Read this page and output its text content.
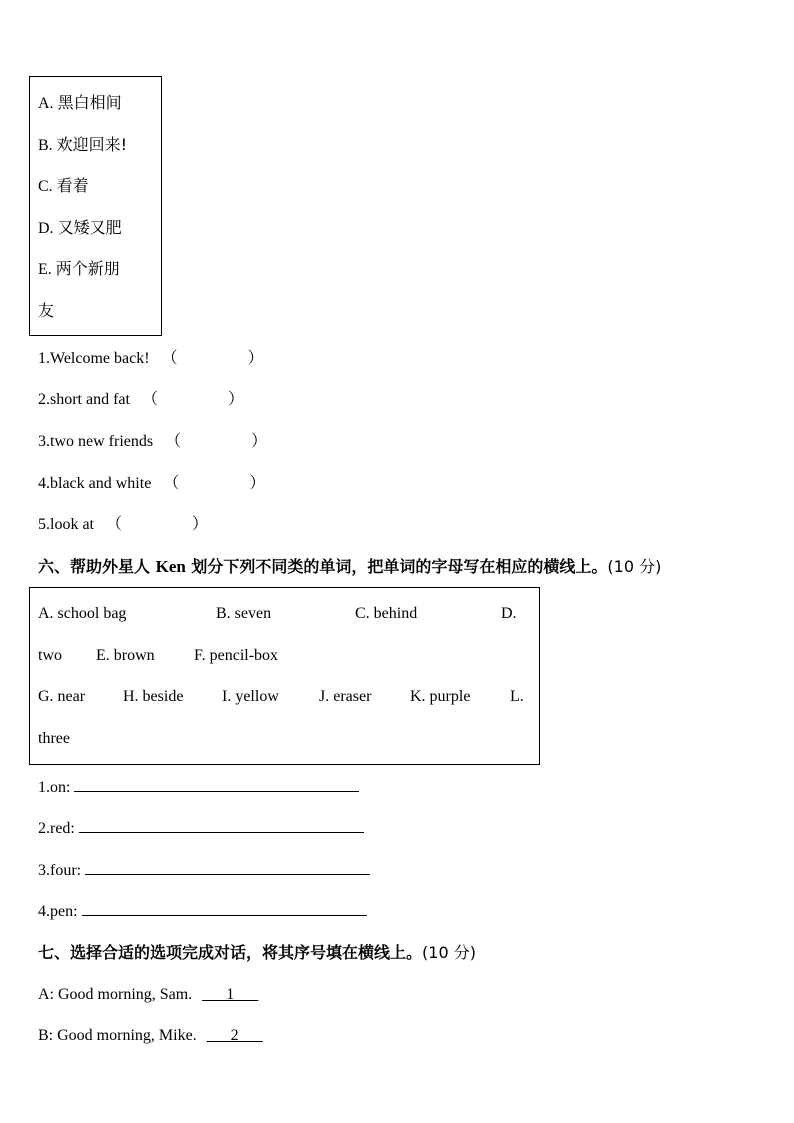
A. 黑白相间
B. 欢迎回来!
C. 看着
D. 又矮又肥
E. 两个新朋
友
1.Welcome back! （	）
2.short and fat （	）
3.two new friends （	）
4.black and white （	）
5.look at （	）
六、帮助外星人 Ken 划分下列不同类的单词，把单词的字母写在相应的横线上。(10 分)
A. school bag	B. seven	C. behind	D.
two E. brown F. pencil-box
G. near H. beside I. yellow	J. eraser K. purple L.
three
1.on:
2.red:
3.four:
4.pen:
七、选择合适的选项完成对话，将其序号填在横线上。(10 分)
A: Good morning, Sam. ___1___
B: Good morning, Mike. ___2___
